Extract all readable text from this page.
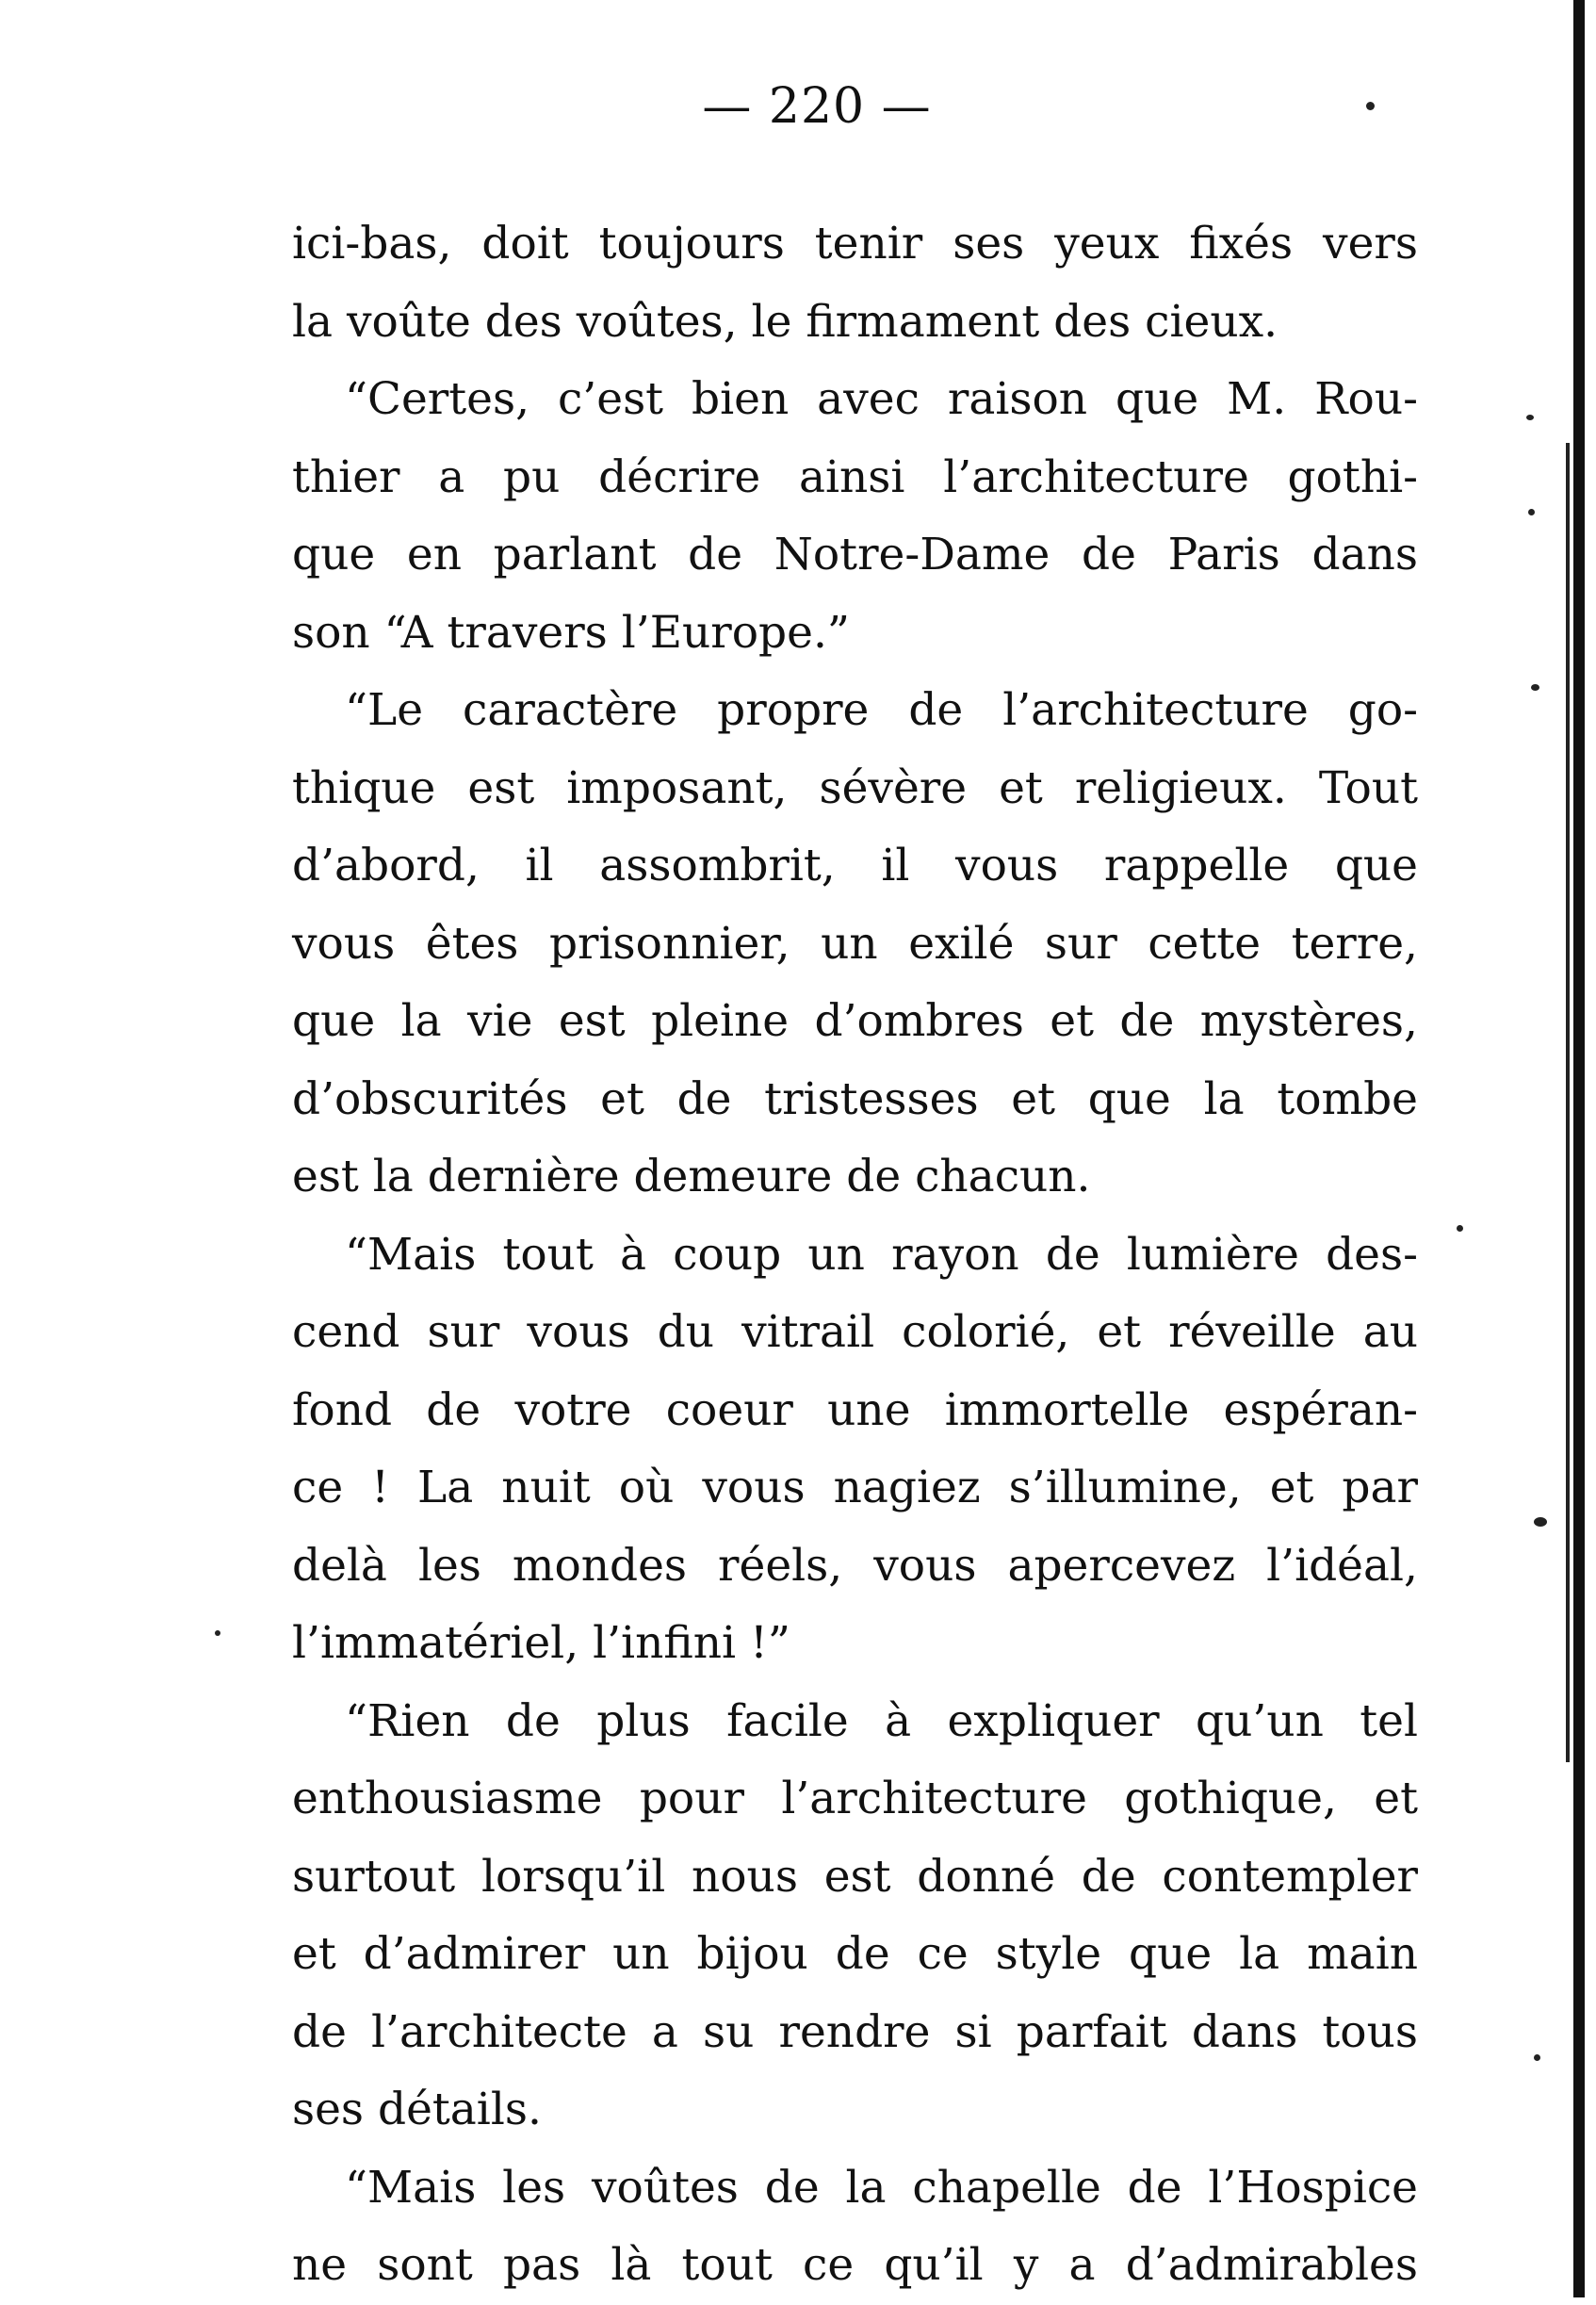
— 220 —
ici-bas, doit toujours tenir ses yeux fixés vers
la voûte des voûtes, le firmament des cieux.
“Certes, c’est bien avec raison que M. Rou-
thier a pu décrire ainsi l’architecture gothi-
que en parlant de Notre-Dame de Paris dans
son “A travers l’Europe.”
“Le caractère propre de l’architecture go-
thique est imposant, sévère et religieux. Tout
d’abord, il assombrit, il vous rappelle que
vous êtes prisonnier, un exilé sur cette terre,
que la vie est pleine d’ombres et de mystères,
d’obscurités et de tristesses et que la tombe
est la dernière demeure de chacun.
“Mais tout à coup un rayon de lumière des-
cend sur vous du vitrail colorié, et réveille au
fond de votre coeur une immortelle espéran-
ce ! La nuit où vous nagiez s’illumine, et par
delà les mondes réels, vous apercevez l’idéal,
l’immatériel, l’infini !”
“Rien de plus facile à expliquer qu’un tel
enthousiasme pour l’architecture gothique, et
surtout lorsqu’il nous est donné de contempler
et d’admirer un bijou de ce style que la main
de l’architecte a su rendre si parfait dans tous
ses détails.
“Mais les voûtes de la chapelle de l’Hospice
ne sont pas là tout ce qu’il y a d’admirables
